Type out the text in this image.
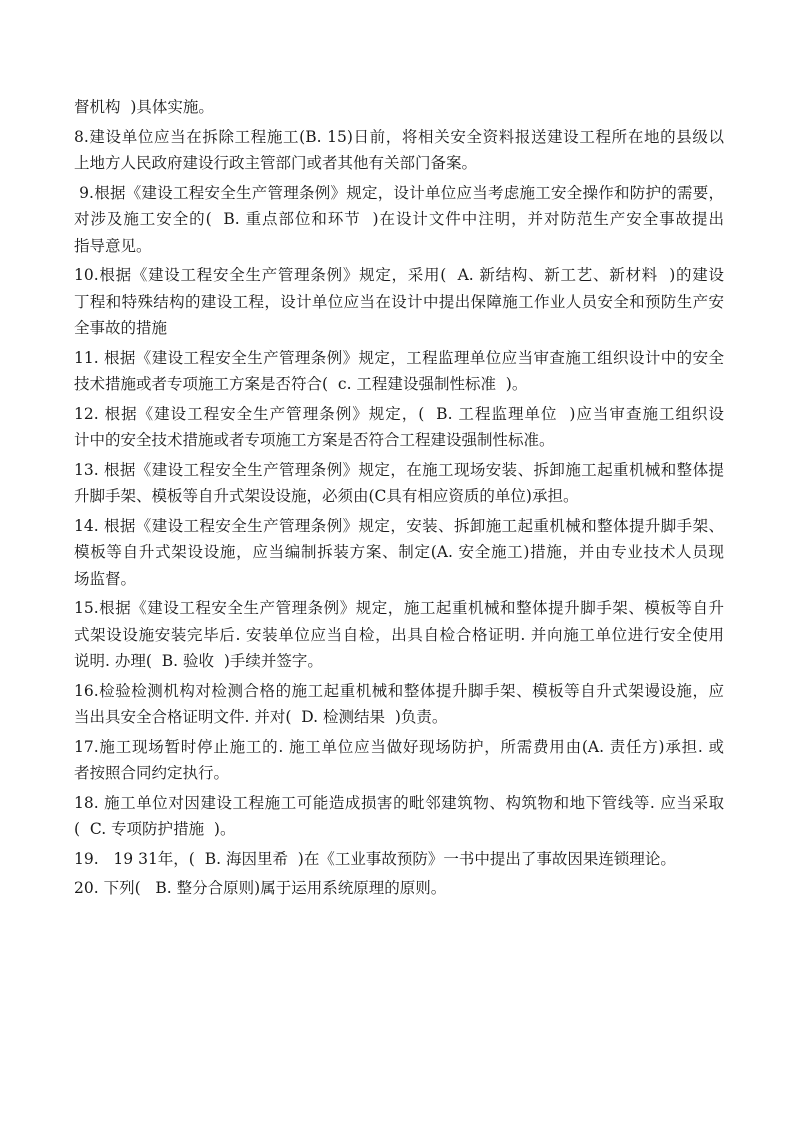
督机构  )具体实施。
8.建设单位应当在拆除工程施工(B. 15)日前，将相关安全资料报送建设工程所在地的县级以
上地方人民政府建设行政主管部门或者其他有关部门备案。
9.根据《建设工程安全生产管理条例》规定，设计单位应当考虑施工安全操作和防护的需要，
对涉及施工安全的(  B. 重点部位和环节  )在设计文件中注明，并对防范生产安全事故提出
指导意见。
10.根据《建设工程安全生产管理条例》规定，采用(  A. 新结构、新工艺、新材料  )的建设
丁程和特殊结构的建设工程，设计单位应当在设计中提出保障施工作业人员安全和预防生产安
全事故的措施
11. 根据《建设工程安全生产管理条例》规定，工程监理单位应当审查施工组织设计中的安全
技术措施或者专项施工方案是否符合(  c. 工程建设强制性标准  )。
12. 根据《建设工程安全生产管理条例》规定，(  B. 工程监理单位  )应当审查施工组织设
计中的安全技术措施或者专项施工方案是否符合工程建设强制性标准。
13. 根据《建设工程安全生产管理条例》规定，在施工现场安装、拆卸施工起重机械和整体提
升脚手架、模板等自升式架设设施，必须由(C具有相应资质的单位)承担。
14. 根据《建设工程安全生产管理条例》规定，安装、拆卸施工起重机械和整体提升脚手架、
模板等自升式架设设施，应当编制拆装方案、制定(A. 安全施工)措施，并由专业技术人员现
场监督。
15.根据《建设工程安全生产管理条例》规定，施工起重机械和整体提升脚手架、模板等自升
式架设设施安装完毕后. 安装单位应当自检，出具自检合格证明. 并向施工单位进行安全使用
说明. 办理(  B. 验收  )手续并签字。
16.检验检测机构对检测合格的施工起重机械和整体提升脚手架、模板等自升式架谩设施，应
当出具安全合格证明文件. 并对(  D. 检测结果  )负责。
17.施工现场暂时停止施工的. 施工单位应当做好现场防护，所需费用由(A. 责任方)承担. 或
者按照合同约定执行。
18. 施工单位对因建设工程施工可能造成损害的毗邻建筑物、构筑物和地下管线等. 应当采取
(  C. 专项防护措施  )。
19.   19 31年，(  B. 海因里希  )在《工业事故预防》一书中提出了事故因果连锁理论。
20. 下列(   B. 整分合原则)属于运用系统原理的原则。
